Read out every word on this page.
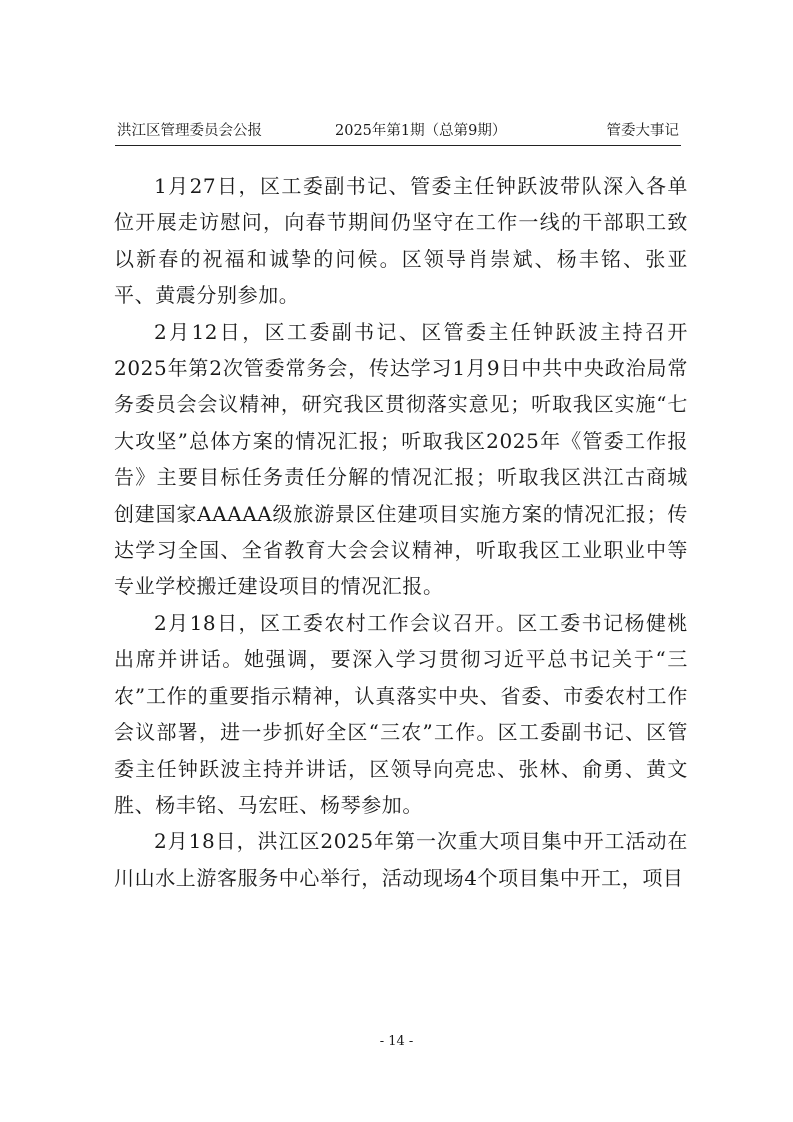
洪江区管理委员会公报	2025年第1期（总第9期）	管委大事记

1月27日，区工委副书记、管委主任钟跃波带队深入各单位开展走访慰问，向春节期间仍坚守在工作一线的干部职工致以新春的祝福和诚挚的问候。区领导肖崇斌、杨丰铭、张亚平、黄震分别参加。

2月12日，区工委副书记、区管委主任钟跃波主持召开2025年第2次管委常务会，传达学习1月9日中共中央政治局常务委员会会议精神，研究我区贯彻落实意见；听取我区实施“七大攻坚”总体方案的情况汇报；听取我区2025年《管委工作报告》主要目标任务责任分解的情况汇报；听取我区洪江古商城创建国家AAAAA级旅游景区住建项目实施方案的情况汇报；传达学习全国、全省教育大会会议精神，听取我区工业职业中等专业学校搬迁建设项目的情况汇报。

2月18日，区工委农村工作会议召开。区工委书记杨健桃出席并讲话。她强调，要深入学习贯彻习近平总书记关于“三农”工作的重要指示精神，认真落实中央、省委、市委农村工作会议部署，进一步抓好全区“三农”工作。区工委副书记、区管委主任钟跃波主持并讲话，区领导向亮忠、张林、俞勇、黄文胜、杨丰铭、马宏旺、杨琴参加。

2月18日，洪江区2025年第一次重大项目集中开工活动在川山水上游客服务中心举行，活动现场4个项目集中开工，项目

- 14 -
